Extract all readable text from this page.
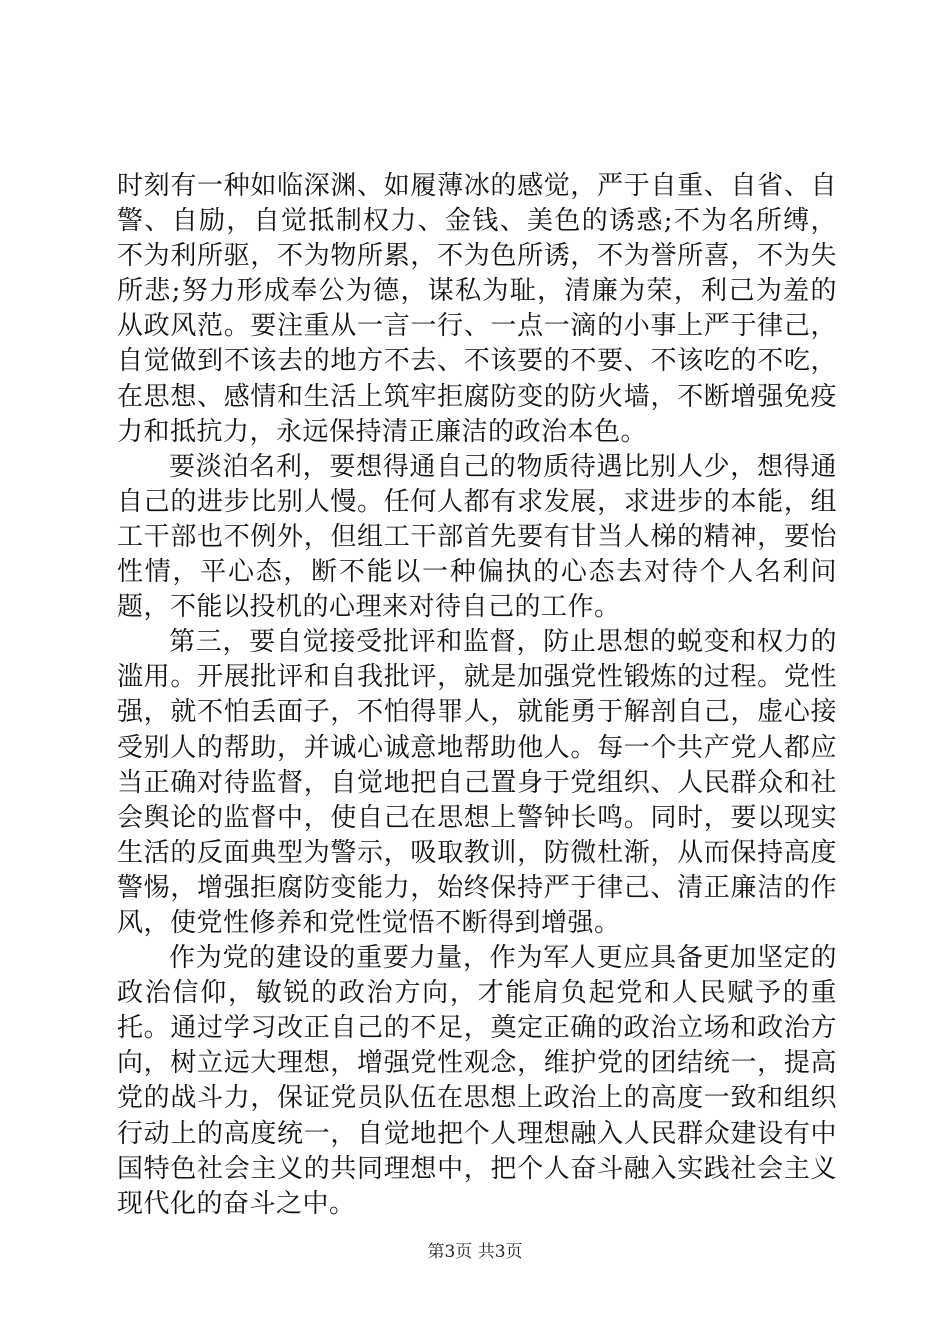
时刻有一种如临深渊、如履薄冰的感觉，严于自重、自省、自警、自励，自觉抵制权力、金钱、美色的诱惑;不为名所缚，不为利所驱，不为物所累，不为色所诱，不为誉所喜，不为失所悲;努力形成奉公为德，谋私为耻，清廉为荣，利己为羞的从政风范。要注重从一言一行、一点一滴的小事上严于律己，自觉做到不该去的地方不去、不该要的不要、不该吃的不吃，在思想、感情和生活上筑牢拒腐防变的防火墙，不断增强免疫力和抵抗力，永远保持清正廉洁的政治本色。

要淡泊名利，要想得通自己的物质待遇比别人少，想得通自己的进步比别人慢。任何人都有求发展，求进步的本能，组工干部也不例外，但组工干部首先要有甘当人梯的精神，要怡性情，平心态，断不能以一种偏执的心态去对待个人名利问题，不能以投机的心理来对待自己的工作。

第三，要自觉接受批评和监督，防止思想的蜕变和权力的滥用。开展批评和自我批评，就是加强党性锻炼的过程。党性强，就不怕丢面子，不怕得罪人，就能勇于解剖自己，虚心接受别人的帮助，并诚心诚意地帮助他人。每一个共产党人都应当正确对待监督，自觉地把自己置身于党组织、人民群众和社会舆论的监督中，使自己在思想上警钟长鸣。同时，要以现实生活的反面典型为警示，吸取教训，防微杜渐，从而保持高度警惕，增强拒腐防变能力，始终保持严于律己、清正廉洁的作风，使党性修养和党性觉悟不断得到增强。

作为党的建设的重要力量，作为军人更应具备更加坚定的政治信仰，敏锐的政治方向，才能肩负起党和人民赋予的重托。通过学习改正自己的不足，奠定正确的政治立场和政治方向，树立远大理想，增强党性观念，维护党的团结统一，提高党的战斗力，保证党员队伍在思想上政治上的高度一致和组织行动上的高度统一，自觉地把个人理想融入人民群众建设有中国特色社会主义的共同理想中，把个人奋斗融入实践社会主义现代化的奋斗之中。

第3页 共3页
